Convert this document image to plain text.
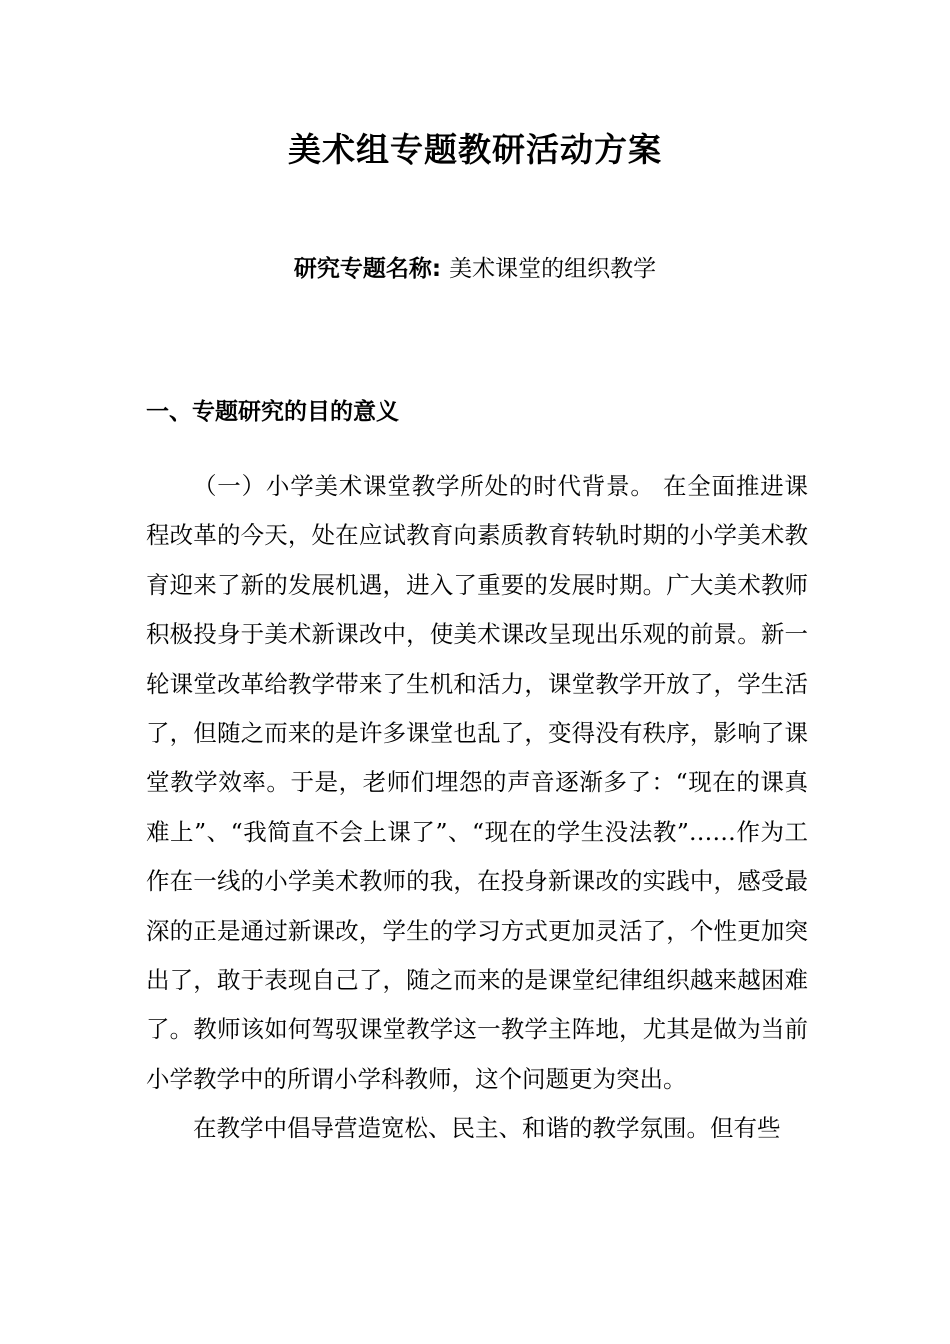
美术组专题教研活动方案
研究专题名称: 美术课堂的组织教学
一、专题研究的目的意义

（一）小学美术课堂教学所处的时代背景。 在全面推进课程改革的今天，处在应试教育向素质教育转轨时期的小学美术教育迎来了新的发展机遇，进入了重要的发展时期。广大美术教师积极投身于美术新课改中，使美术课改呈现出乐观的前景。新一轮课堂改革给教学带来了生机和活力，课堂教学开放了，学生活了，但随之而来的是许多课堂也乱了，变得没有秩序，影响了课堂教学效率。于是，老师们埋怨的声音逐渐多了：“现在的课真难上”、“我简直不会上课了”、“现在的学生没法教”……作为工作在一线的小学美术教师的我，在投身新课改的实践中，感受最深的正是通过新课改，学生的学习方式更加灵活了，个性更加突出了，敢于表现自己了，随之而来的是课堂纪律组织越来越困难了。教师该如何驾驭课堂教学这一教学主阵地，尤其是做为当前小学教学中的所谓小学科教师，这个问题更为突出。

在教学中倡导营造宽松、民主、和谐的教学氛围。但有些
